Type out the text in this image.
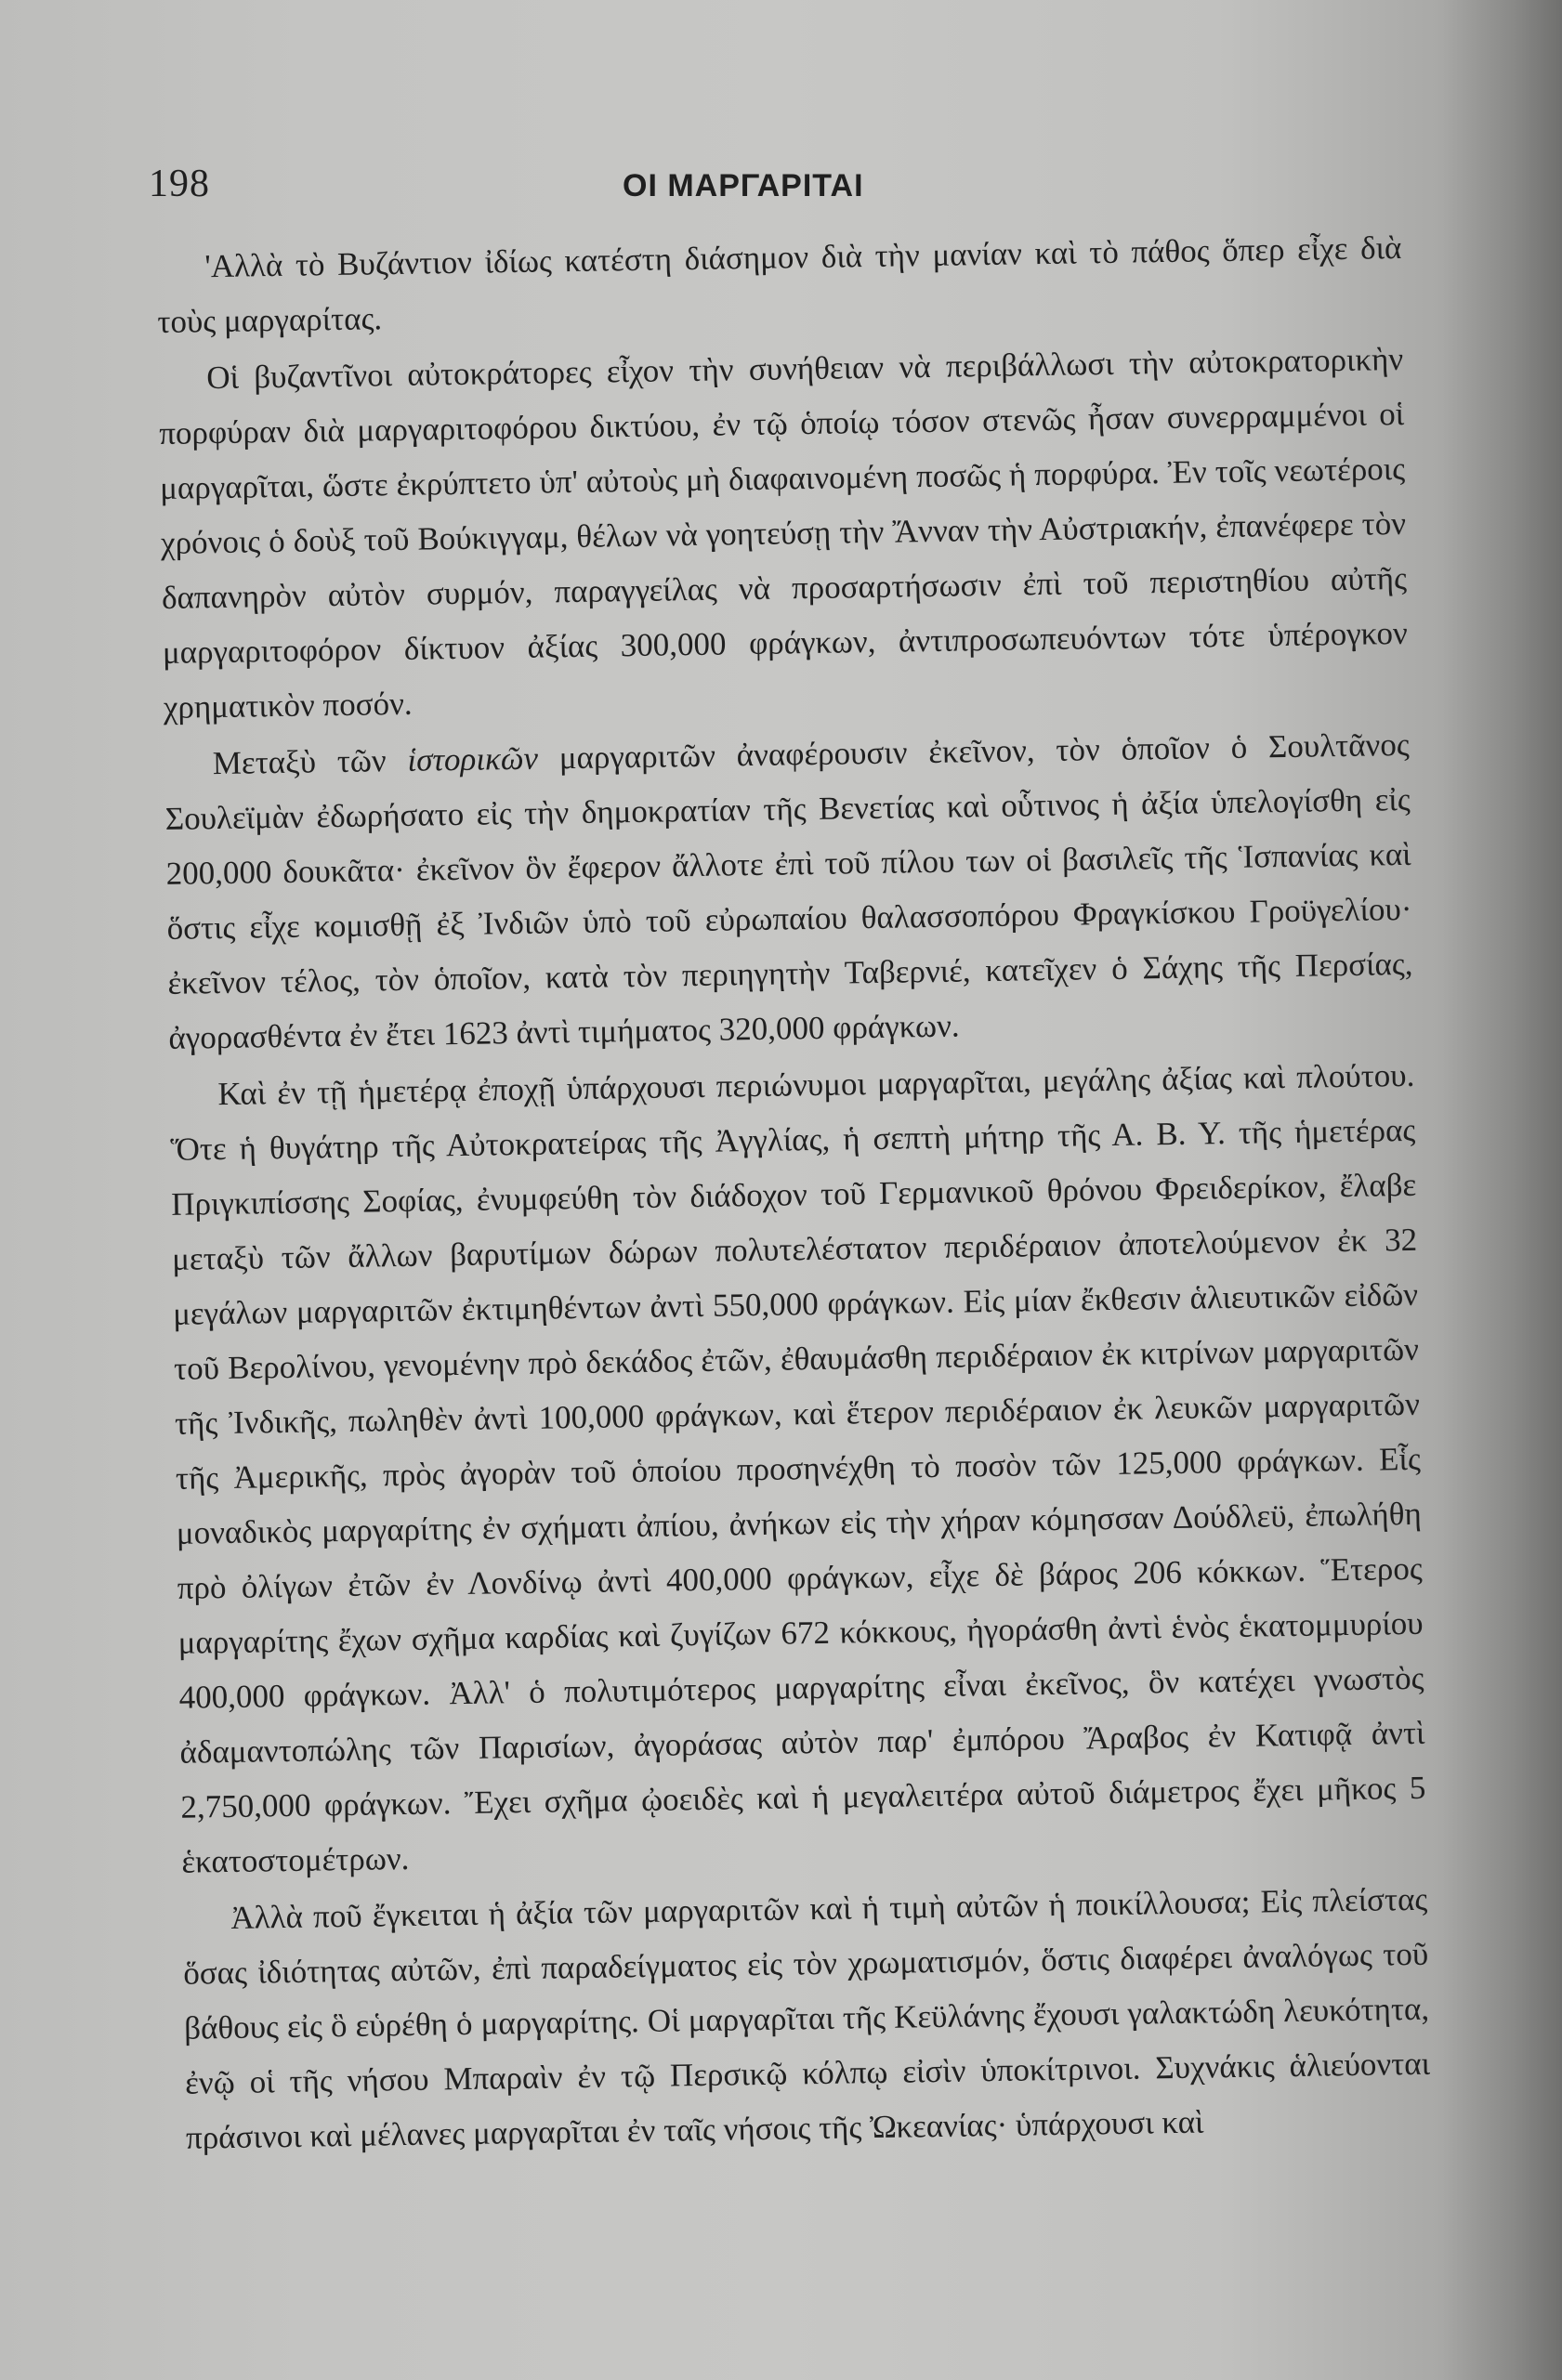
198	ΟΙ ΜΑΡΓΑΡΙΤΑΙ

'Αλλὰ τὸ Βυζάντιον ἰδίως κατέστη διάσημον διὰ τὴν μανίαν καὶ τὸ πάθος ὅπερ εἶχε διὰ τοὺς μαργαρίτας.

Οἱ βυζαντῖνοι αὐτοκράτορες εἶχον τὴν συνήθειαν νὰ περιβάλλωσι τὴν αὐτοκρατορικὴν πορφύραν διὰ μαργαριτοφόρου δικτύου, ἐν τῷ ὁποίῳ τόσον στενῶς ἦσαν συνερραμμένοι οἱ μαργαρῖται, ὥστε ἐκρύπτετο ὑπ' αὐτοὺς μὴ διαφαινομένη ποσῶς ἡ πορφύρα. Ἐν τοῖς νεωτέροις χρόνοις ὁ δοὺξ τοῦ Βούκιγγαμ, θέλων νὰ γοητεύσῃ τὴν Ἄνναν τὴν Αὐστριακήν, ἐπανέφερε τὸν δαπανηρὸν αὐτὸν συρμόν, παραγγείλας νὰ προσαρτήσωσιν ἐπὶ τοῦ περιστηθίου αὐτῆς μαργαριτοφόρον δίκτυον ἀξίας 300,000 φράγκων, ἀντιπροσωπευόντων τότε ὑπέρογκον χρηματικὸν ποσόν.

Μεταξὺ τῶν ἱστορικῶν μαργαριτῶν ἀναφέρουσιν ἐκεῖνον, τὸν ὁποῖον ὁ Σουλτᾶνος Σουλεϊμὰν ἐδωρήσατο εἰς τὴν δημοκρατίαν τῆς Βενετίας καὶ οὗτινος ἡ ἀξία ὑπελογίσθη εἰς 200,000 δουκᾶτα· ἐκεῖνον ὃν ἔφερον ἄλλοτε ἐπὶ τοῦ πίλου των οἱ βασιλεῖς τῆς Ἱσπανίας καὶ ὅστις εἶχε κομισθῇ ἐξ Ἰνδιῶν ὑπὸ τοῦ εὐρωπαίου θαλασσοπόρου Φραγκίσκου Γροϋγελίου· ἐκεῖνον τέλος, τὸν ὁποῖον, κατὰ τὸν περιηγητὴν Ταβερνιέ, κατεῖχεν ὁ Σάχης τῆς Περσίας, ἀγορασθέντα ἐν ἔτει 1623 ἀντὶ τιμήματος 320,000 φράγκων.

Καὶ ἐν τῇ ἡμετέρᾳ ἐποχῇ ὑπάρχουσι περιώνυμοι μαργαρῖται, μεγάλης ἀξίας καὶ πλούτου. Ὅτε ἡ θυγάτηρ τῆς Αὐτοκρατείρας τῆς Ἀγγλίας, ἡ σεπτὴ μήτηρ τῆς Α. Β. Υ. τῆς ἡμετέρας Πριγκιπίσσης Σοφίας, ἐνυμφεύθη τὸν διάδοχον τοῦ Γερμανικοῦ θρόνου Φρειδερίκον, ἔλαβε μεταξὺ τῶν ἄλλων βαρυτίμων δώρων πολυτελέστατον περιδέραιον ἀποτελούμενον ἐκ 32 μεγάλων μαργαριτῶν ἐκτιμηθέντων ἀντὶ 550,000 φράγκων. Εἰς μίαν ἔκθεσιν ἁλιευτικῶν εἰδῶν τοῦ Βερολίνου, γενομένην πρὸ δεκάδος ἐτῶν, ἐθαυμάσθη περιδέραιον ἐκ κιτρίνων μαργαριτῶν τῆς Ἰνδικῆς, πωληθὲν ἀντὶ 100,000 φράγκων, καὶ ἕτερον περιδέραιον ἐκ λευκῶν μαργαριτῶν τῆς Ἀμερικῆς, πρὸς ἀγορὰν τοῦ ὁποίου προσηνέχθη τὸ ποσὸν τῶν 125,000 φράγκων. Εἷς μοναδικὸς μαργαρίτης ἐν σχήματι ἀπίου, ἀνήκων εἰς τὴν χήραν κόμησσαν Δούδλεϋ, ἐπωλήθη πρὸ ὀλίγων ἐτῶν ἐν Λονδίνῳ ἀντὶ 400,000 φράγκων, εἶχε δὲ βάρος 206 κόκκων. Ἕτερος μαργαρίτης ἔχων σχῆμα καρδίας καὶ ζυγίζων 672 κόκκους, ἠγοράσθη ἀντὶ ἑνὸς ἑκατομμυρίου 400,000 φράγκων. Ἀλλ' ὁ πολυτιμότερος μαργαρίτης εἶναι ἐκεῖνος, ὃν κατέχει γνωστὸς ἀδαμαντοπώλης τῶν Παρισίων, ἀγοράσας αὐτὸν παρ' ἐμπόρου Ἄραβος ἐν Κατιφᾷ ἀντὶ 2,750,000 φράγκων. Ἔχει σχῆμα ᾠοειδὲς καὶ ἡ μεγαλειτέρα αὐτοῦ διάμετρος ἔχει μῆκος 5 ἑκατοστομέτρων.

Ἀλλὰ ποῦ ἔγκειται ἡ ἀξία τῶν μαργαριτῶν καὶ ἡ τιμὴ αὐτῶν ἡ ποικίλλουσα; Εἰς πλείστας ὅσας ἰδιότητας αὐτῶν, ἐπὶ παραδείγματος εἰς τὸν χρωματισμόν, ὅστις διαφέρει ἀναλόγως τοῦ βάθους εἰς ὃ εὑρέθη ὁ μαργαρίτης. Οἱ μαργαρῖται τῆς Κεϋλάνης ἔχουσι γαλακτώδη λευκότητα, ἐνῷ οἱ τῆς νήσου Μπαραὶν ἐν τῷ Περσικῷ κόλπῳ εἰσὶν ὑποκίτρινοι. Συχνάκις ἁλιεύονται πράσινοι καὶ μέλανες μαργαρῖται ἐν ταῖς νήσοις τῆς Ὠκεανίας· ὑπάρχουσι καὶ
